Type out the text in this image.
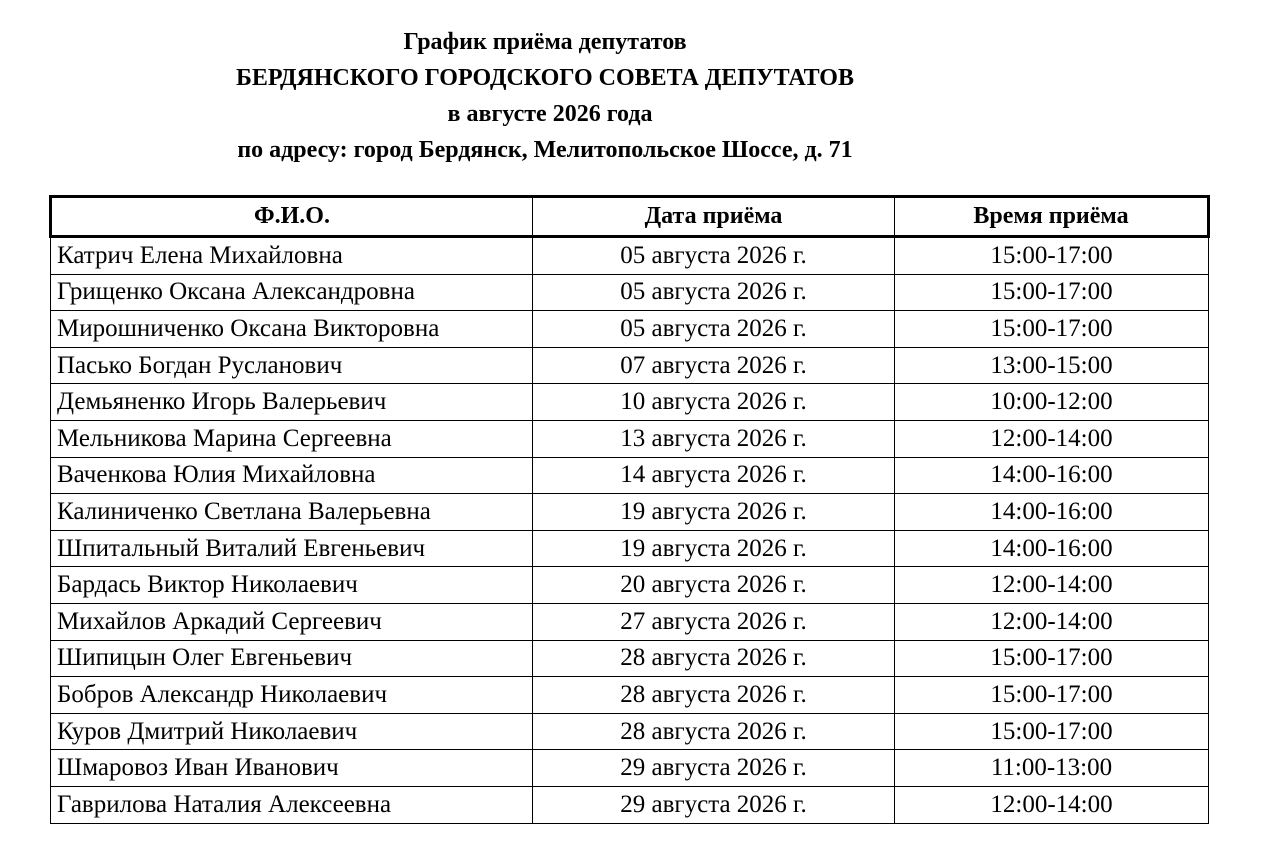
График приёма депутатов
БЕРДЯНСКОГО ГОРОДСКОГО СОВЕТА ДЕПУТАТОВ
в августе 2026 года
по адресу: город Бердянск, Мелитопольское Шоссе, д. 71
Ф.И.О.	Дата приёма	Время приёма
Катрич Елена Михайловна	05 августа 2026 г.	15:00-17:00
Грищенко Оксана Александровна	05 августа 2026 г.	15:00-17:00
Мирошниченко Оксана Викторовна	05 августа 2026 г.	15:00-17:00
Пасько Богдан Русланович	07 августа 2026 г.	13:00-15:00
Демьяненко Игорь Валерьевич	10 августа 2026 г.	10:00-12:00
Мельникова Марина Сергеевна	13 августа 2026 г.	12:00-14:00
Ваченкова Юлия Михайловна	14 августа 2026 г.	14:00-16:00
Калиниченко Светлана Валерьевна	19 августа 2026 г.	14:00-16:00
Шпитальный Виталий Евгеньевич	19 августа 2026 г.	14:00-16:00
Бардась Виктор Николаевич	20 августа 2026 г.	12:00-14:00
Михайлов Аркадий Сергеевич	27 августа 2026 г.	12:00-14:00
Шипицын Олег Евгеньевич	28 августа 2026 г.	15:00-17:00
Бобров Александр Николаевич	28 августа 2026 г.	15:00-17:00
Куров Дмитрий Николаевич	28 августа 2026 г.	15:00-17:00
Шмаровоз Иван Иванович	29 августа 2026 г.	11:00-13:00
Гаврилова Наталия Алексеевна	29 августа 2026 г.	12:00-14:00
